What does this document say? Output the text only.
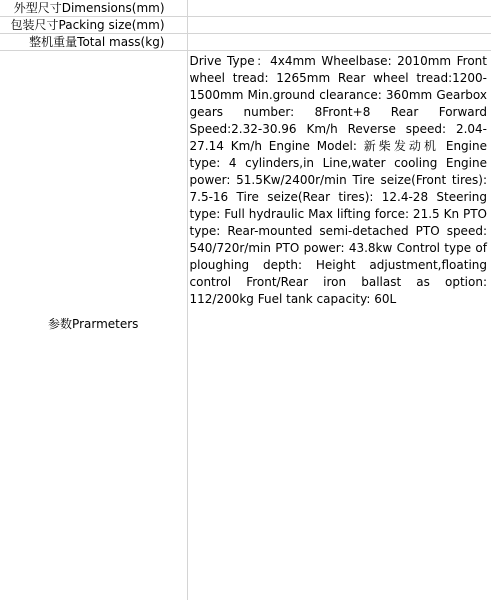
外型尺寸Dimensions(mm)	
包装尺寸Packing size(mm)	
整机重量Total mass(kg)	
参数Prarmeters	Drive Type：4x4mm Wheelbase: 2010mm Front wheel tread: 1265mm Rear wheel tread:1200-1500mm Min.ground clearance: 360mm Gearbox gears number: 8Front+8 Rear Forward Speed:2.32-30.96 Km/h Reverse speed: 2.04-27.14 Km/h Engine Model: 新柴发动机 Engine type: 4 cylinders,in Line,water cooling Engine power: 51.5Kw/2400r/min Tire seize(Front tires): 7.5-16 Tire seize(Rear tires): 12.4-28 Steering type: Full hydraulic Max lifting force: 21.5 Kn PTO type: Rear-mounted semi-detached PTO speed: 540/720r/min PTO power: 43.8kw Control type of ploughing depth: Height adjustment,floating control Front/Rear iron ballast as option: 112/200kg Fuel tank capacity: 60L
